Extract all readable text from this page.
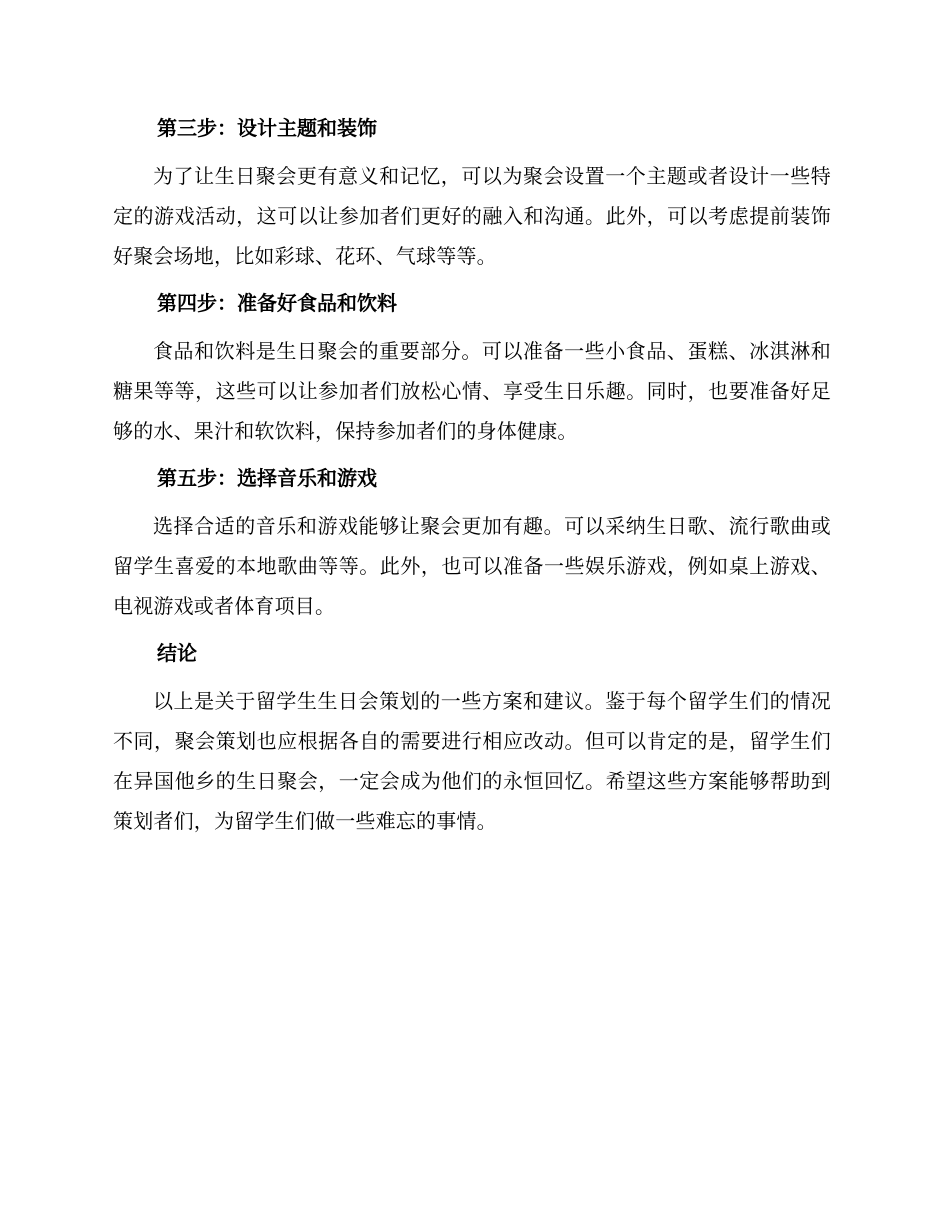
第三步：设计主题和装饰

为了让生日聚会更有意义和记忆，可以为聚会设置一个主题或者设计一些特定的游戏活动，这可以让参加者们更好的融入和沟通。此外，可以考虑提前装饰好聚会场地，比如彩球、花环、气球等等。

第四步：准备好食品和饮料

食品和饮料是生日聚会的重要部分。可以准备一些小食品、蛋糕、冰淇淋和糖果等等，这些可以让参加者们放松心情、享受生日乐趣。同时，也要准备好足够的水、果汁和软饮料，保持参加者们的身体健康。

第五步：选择音乐和游戏

选择合适的音乐和游戏能够让聚会更加有趣。可以采纳生日歌、流行歌曲或留学生喜爱的本地歌曲等等。此外，也可以准备一些娱乐游戏，例如桌上游戏、电视游戏或者体育项目。

结论

以上是关于留学生生日会策划的一些方案和建议。鉴于每个留学生们的情况不同，聚会策划也应根据各自的需要进行相应改动。但可以肯定的是，留学生们在异国他乡的生日聚会，一定会成为他们的永恒回忆。希望这些方案能够帮助到策划者们，为留学生们做一些难忘的事情。
